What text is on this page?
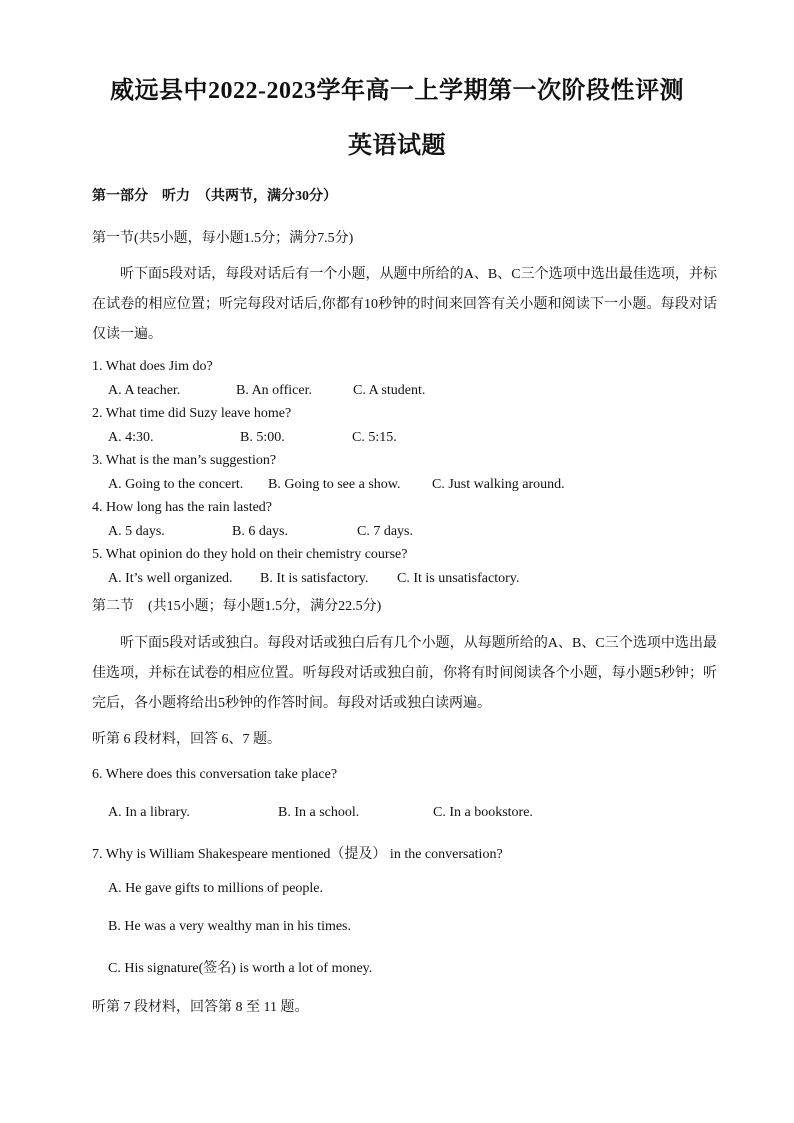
威远县中2022-2023学年高一上学期第一次阶段性评测
英语试题
第一部分　听力　（共两节，满分30分）
第一节(共5小题，每小题1.5分；满分7.5分)
听下面5段对话，每段对话后有一个小题，从题中所给的A、B、C三个选项中选出最佳选项，并标在试卷的相应位置；听完每段对话后,你都有10秒钟的时间来回答有关小题和阅读下一小题。每段对话仅读一遍。
1. What does Jim do?
A. A teacher.	B. An officer.	C. A student.
2. What time did Suzy leave home?
A. 4:30.	B. 5:00.	C. 5:15.
3. What is the man’s suggestion?
A. Going to the concert. B. Going to see a show. C. Just walking around.
4. How long has the rain lasted?
A. 5 days.	B. 6 days.	C. 7 days.
5. What opinion do they hold on their chemistry course?
A. It’s well organized. B. It is satisfactory. C. It is unsatisfactory.
第二节　(共15小题；每小题1.5分，满分22.5分)
听下面5段对话或独白。每段对话或独白后有几个小题，从每题所给的A、B、C三个选项中选出最佳选项，并标在试卷的相应位置。听每段对话或独白前，你将有时间阅读各个小题，每小题5秒钟；听完后，各小题将给出5秒钟的作答时间。每段对话或独白读两遍。
听第 6 段材料，回答 6、7 题。
6. Where does this conversation take place?
A. In a library.	B. In a school.	C. In a bookstore.
7. Why is William Shakespeare mentioned（提及） in the conversation?
A. He gave gifts to millions of people.
B. He was a very wealthy man in his times.
C. His signature(签名) is worth a lot of money.
听第 7 段材料，回答第 8 至 11 题。
